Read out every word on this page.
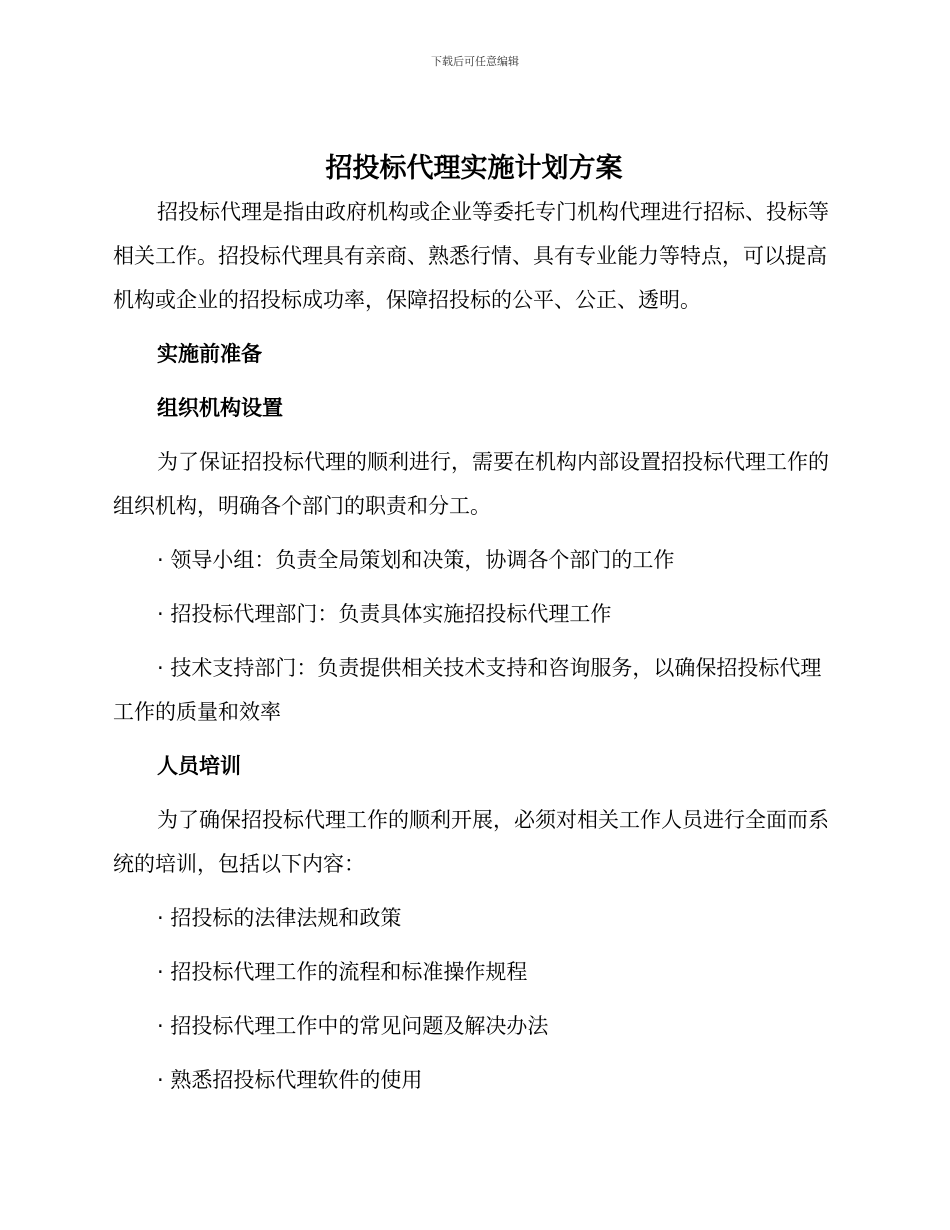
下载后可任意编辑
招投标代理实施计划方案

招投标代理是指由政府机构或企业等委托专门机构代理进行招标、投标等相关工作。招投标代理具有亲商、熟悉行情、具有专业能力等特点，可以提高机构或企业的招投标成功率，保障招投标的公平、公正、透明。

实施前准备

组织机构设置

为了保证招投标代理的顺利进行，需要在机构内部设置招投标代理工作的组织机构，明确各个部门的职责和分工。

· 领导小组：负责全局策划和决策，协调各个部门的工作

· 招投标代理部门：负责具体实施招投标代理工作

· 技术支持部门：负责提供相关技术支持和咨询服务，以确保招投标代理工作的质量和效率

人员培训

为了确保招投标代理工作的顺利开展，必须对相关工作人员进行全面而系统的培训，包括以下内容：

· 招投标的法律法规和政策

· 招投标代理工作的流程和标准操作规程

· 招投标代理工作中的常见问题及解决办法

· 熟悉招投标代理软件的使用
